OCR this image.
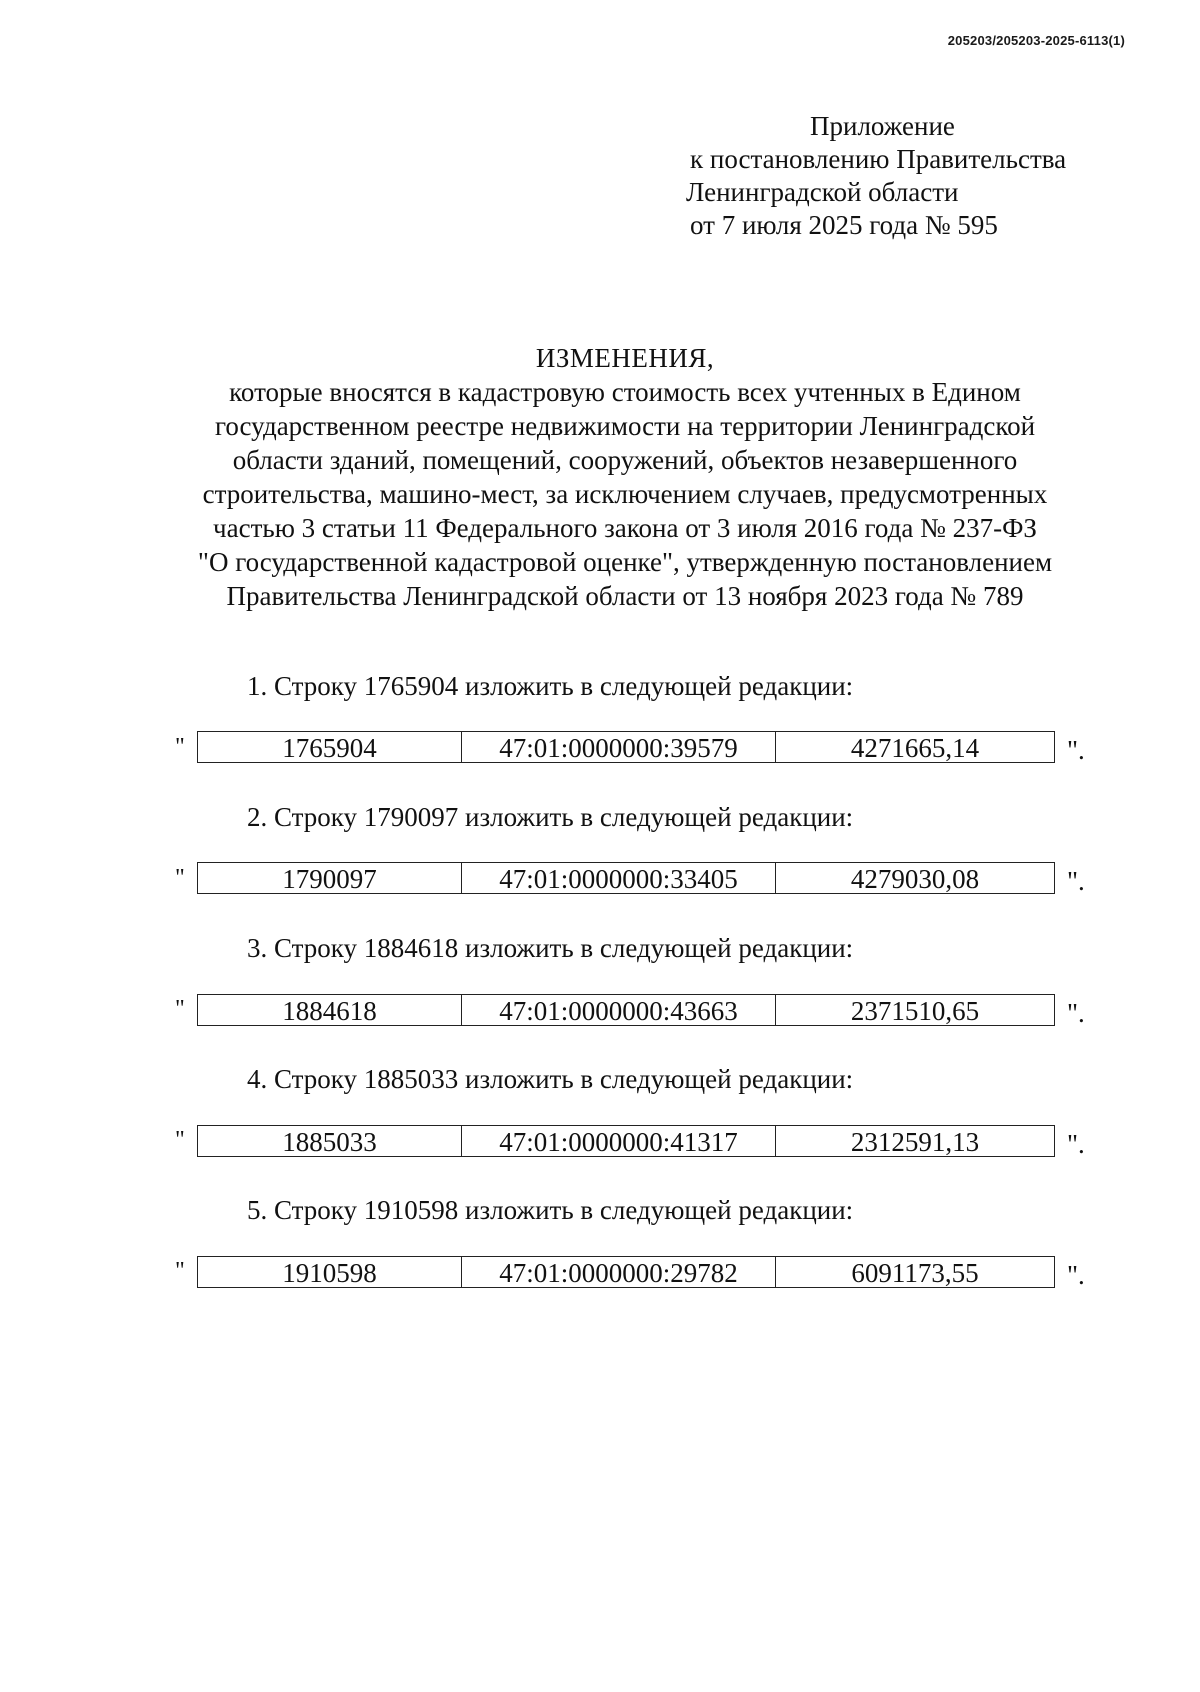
205203/205203-2025-6113(1)
Приложение
к постановлению Правительства
Ленинградской области
от 7 июля 2025 года № 595
ИЗМЕНЕНИЯ,
которые вносятся в кадастровую стоимость всех учтенных в Едином
государственном реестре недвижимости на территории Ленинградской
области зданий, помещений, сооружений, объектов незавершенного
строительства, машино-мест, за исключением случаев, предусмотренных
частью 3 статьи 11 Федерального закона от 3 июля 2016 года № 237-ФЗ
"О государственной кадастровой оценке", утвержденную постановлением
Правительства Ленинградской области от 13 ноября 2023 года № 789
1. Строку 1765904 изложить в следующей редакции:
"	1765904	47:01:0000000:39579	4271665,14	".
2. Строку 1790097 изложить в следующей редакции:
"	1790097	47:01:0000000:33405	4279030,08	".
3. Строку 1884618 изложить в следующей редакции:
"	1884618	47:01:0000000:43663	2371510,65	".
4. Строку 1885033 изложить в следующей редакции:
"	1885033	47:01:0000000:41317	2312591,13	".
5. Строку 1910598 изложить в следующей редакции:
"	1910598	47:01:0000000:29782	6091173,55	".
